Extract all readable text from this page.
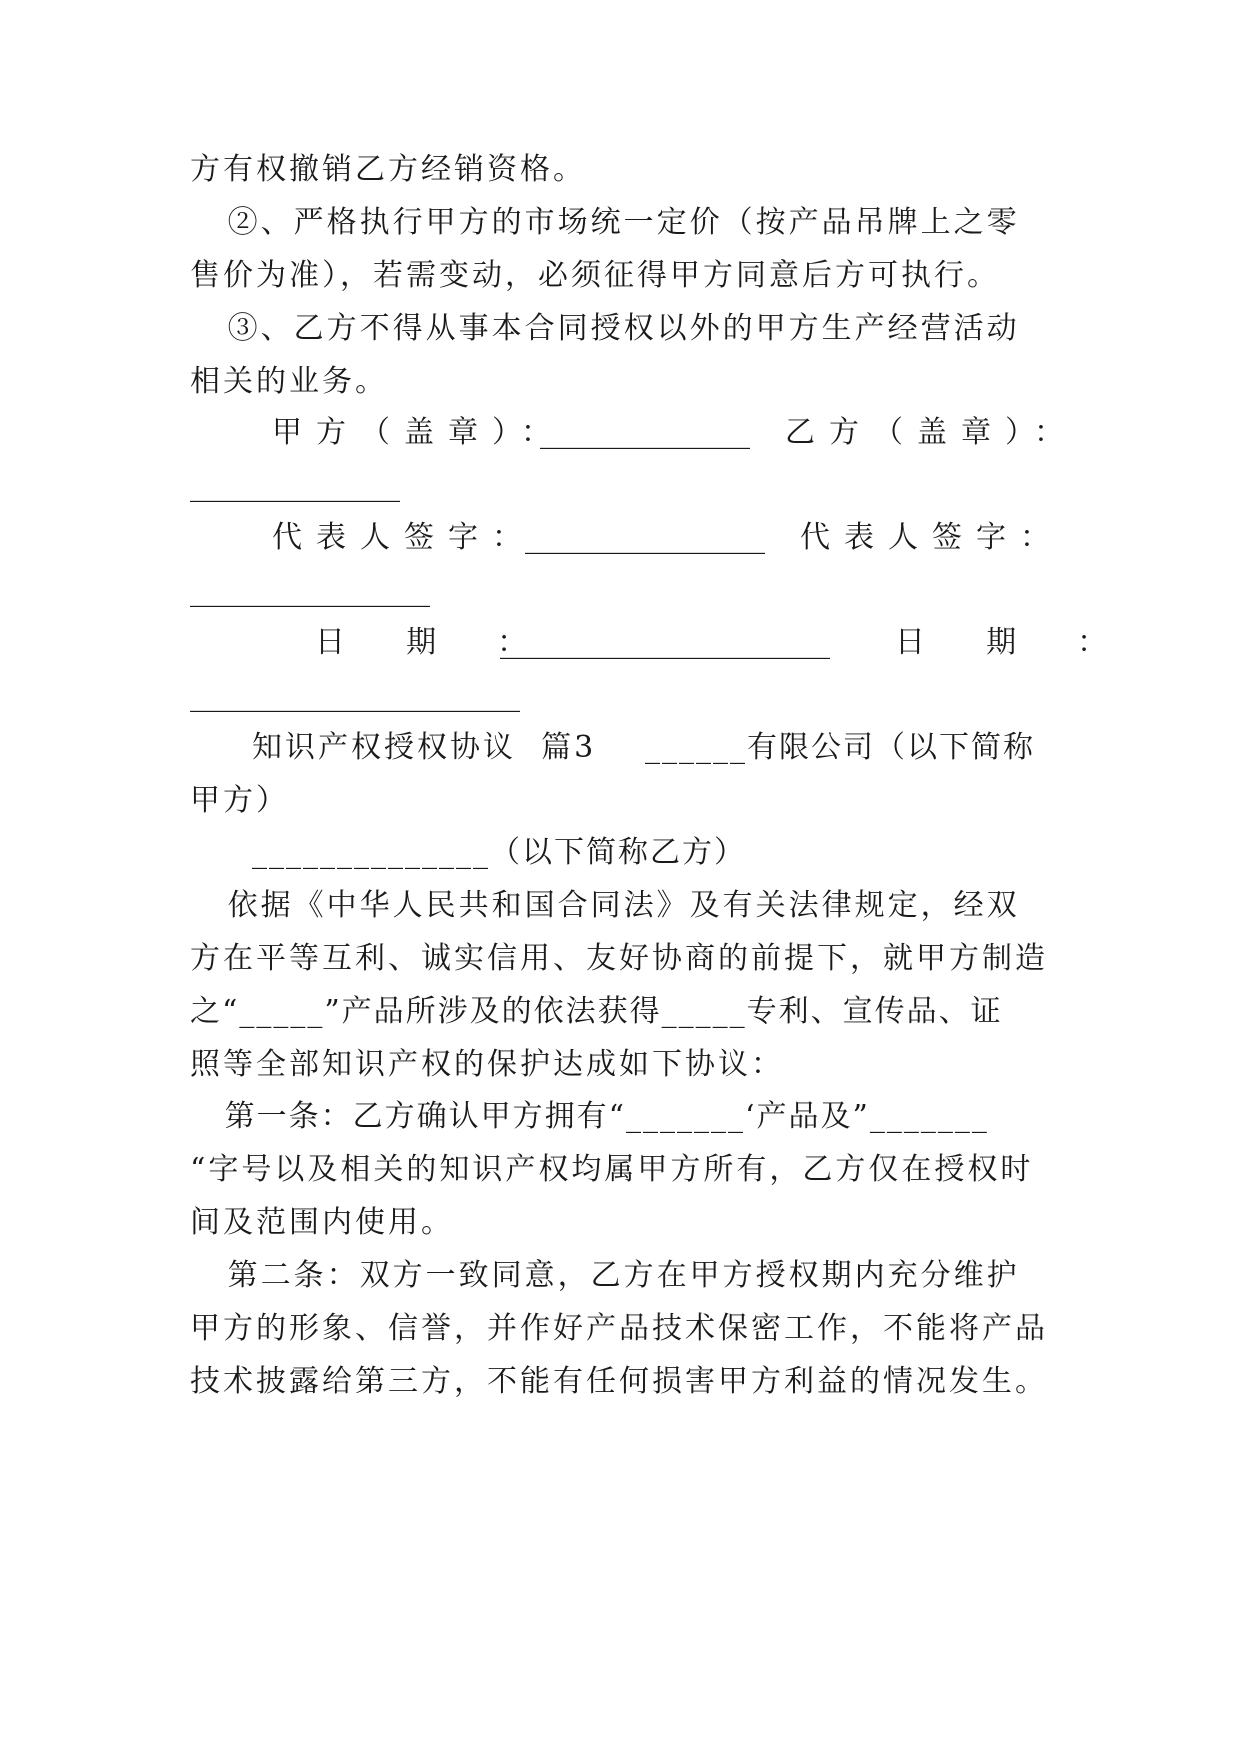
方有权撤销乙方经销资格。
②、严格执行甲方的市场统一定价（按产品吊牌上之零
售价为准），若需变动，必须征得甲方同意后方可执行。
③、乙方不得从事本合同授权以外的甲方生产经营活动
相关的业务。

甲方（盖章）：

______________

乙方（盖章）：

______________

代表人签字：

________________

代表人签字：

________________

日  期  ：

______________________

日  期  ：

______________________
知识产权授权协议  篇3 ______有限公司（以下简称
甲方）
______________（以下简称乙方）
依据《中华人民共和国合同法》及有关法律规定，经双
方在平等互利、诚实信用、友好协商的前提下，就甲方制造
之“_____”产品所涉及的依法获得_____专利、宣传品、证
照等全部知识产权的保护达成如下协议：
第一条：乙方确认甲方拥有“_______‘产品及”_______
“字号以及相关的知识产权均属甲方所有，乙方仅在授权时
间及范围内使用。
第二条：双方一致同意，乙方在甲方授权期内充分维护
甲方的形象、信誉，并作好产品技术保密工作，不能将产品
技术披露给第三方，不能有任何损害甲方利益的情况发生。
